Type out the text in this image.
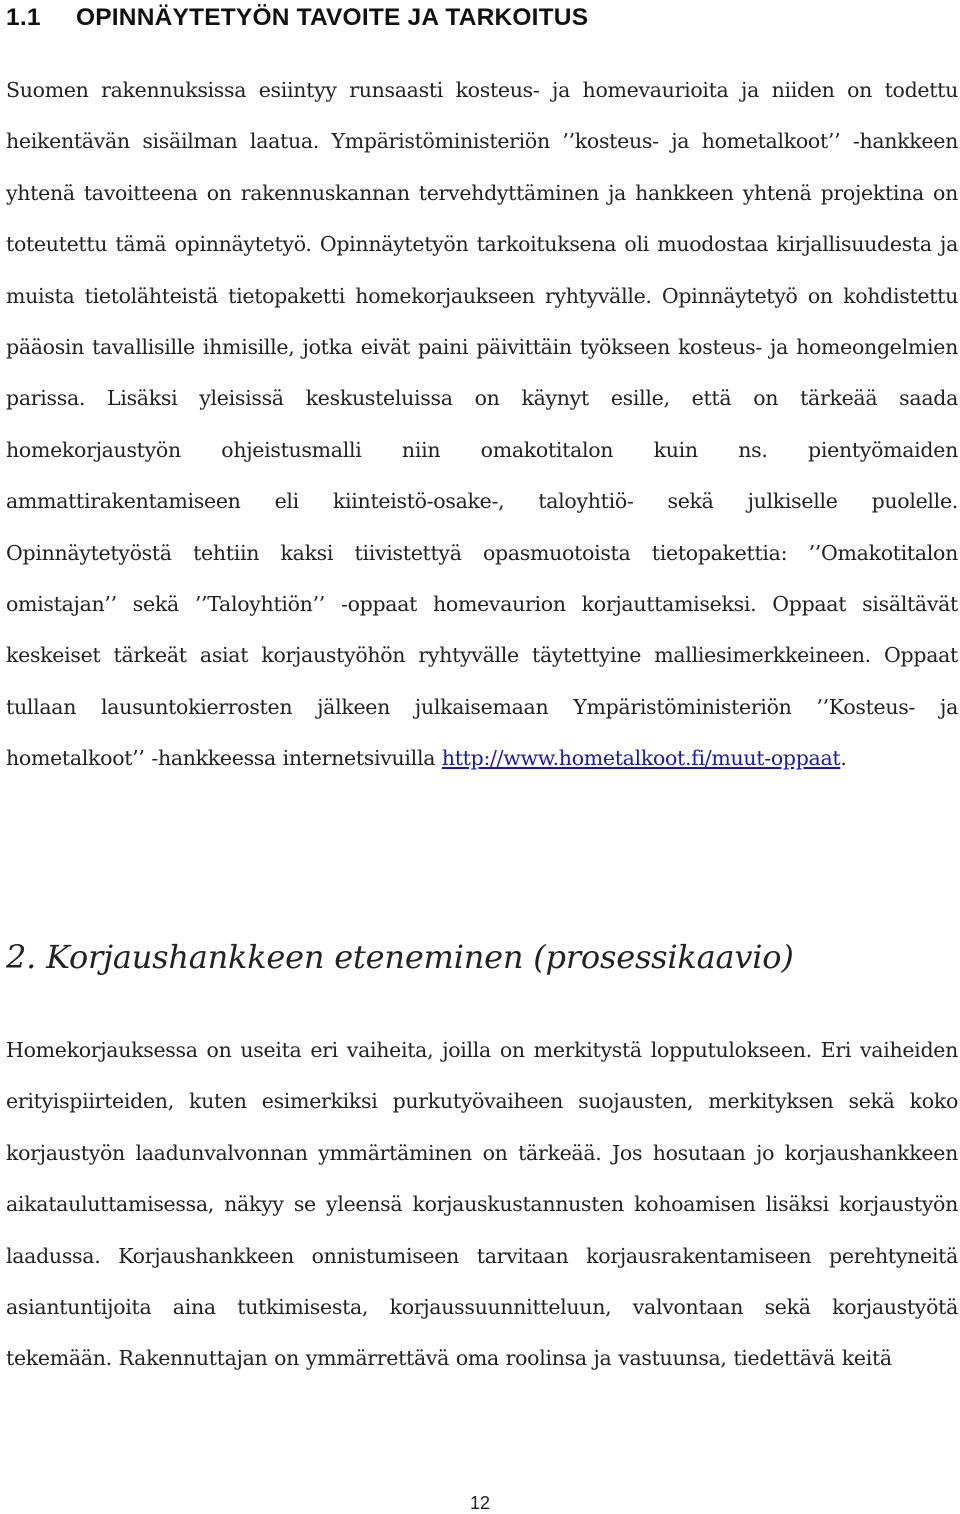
1.1 OPINNÄYTETYÖN TAVOITE JA TARKOITUS

Suomen rakennuksissa esiintyy runsaasti kosteus- ja homevaurioita ja niiden on todettu heikentävän sisäilman laatua. Ympäristöministeriön ’’kosteus- ja hometalkoot’’ -hankkeen yhtenä tavoitteena on rakennuskannan tervehdyttäminen ja hankkeen yhtenä projektina on toteutettu tämä opinnäytetyö. Opinnäytetyön tarkoituksena oli muodostaa kirjallisuudesta ja muista tietolähteistä tietopaketti homekorjaukseen ryhtyvälle. Opinnäytetyö on kohdistettu pääosin tavallisille ihmisille, jotka eivät paini päivittäin työkseen kosteus- ja homeongelmien parissa. Lisäksi yleisissä keskusteluissa on käynyt esille, että on tärkeää saada homekorjaustyön ohjeistusmalli niin omakotitalon kuin ns. pientyömaiden ammattirakentamiseen eli kiinteistö-osake-, taloyhtiö- sekä julkiselle puolelle. Opinnäytetyöstä tehtiin kaksi tiivistettyä opasmuotoista tietopakettia: ’’Omakotitalon omistajan’’ sekä ’’Taloyhtiön’’ -oppaat homevaurion korjauttamiseksi. Oppaat sisältävät keskeiset tärkeät asiat korjaustyöhön ryhtyvälle täytettyine malliesimerkkeineen. Oppaat tullaan lausuntokierrosten jälkeen julkaisemaan Ympäristöministeriön ’’Kosteus- ja hometalkoot’’ -hankkeessa internetsivuilla http://www.hometalkoot.fi/muut-oppaat.

2. Korjaushankkeen eteneminen (prosessikaavio)

Homekorjauksessa on useita eri vaiheita, joilla on merkitystä lopputulokseen. Eri vaiheiden erityispiirteiden, kuten esimerkiksi purkutyövaiheen suojausten, merkityksen sekä koko korjaustyön laadunvalvonnan ymmärtäminen on tärkeää. Jos hosutaan jo korjaushankkeen aikatauluttamisessa, näkyy se yleensä korjauskustannusten kohoamisen lisäksi korjaustyön laadussa. Korjaushankkeen onnistumiseen tarvitaan korjausrakentamiseen perehtyneitä asiantuntijoita aina tutkimisesta, korjaussuunnitteluun, valvontaan sekä korjaustyötä tekemään. Rakennuttajan on ymmärrettävä oma roolinsa ja vastuunsa, tiedettävä keitä

12
